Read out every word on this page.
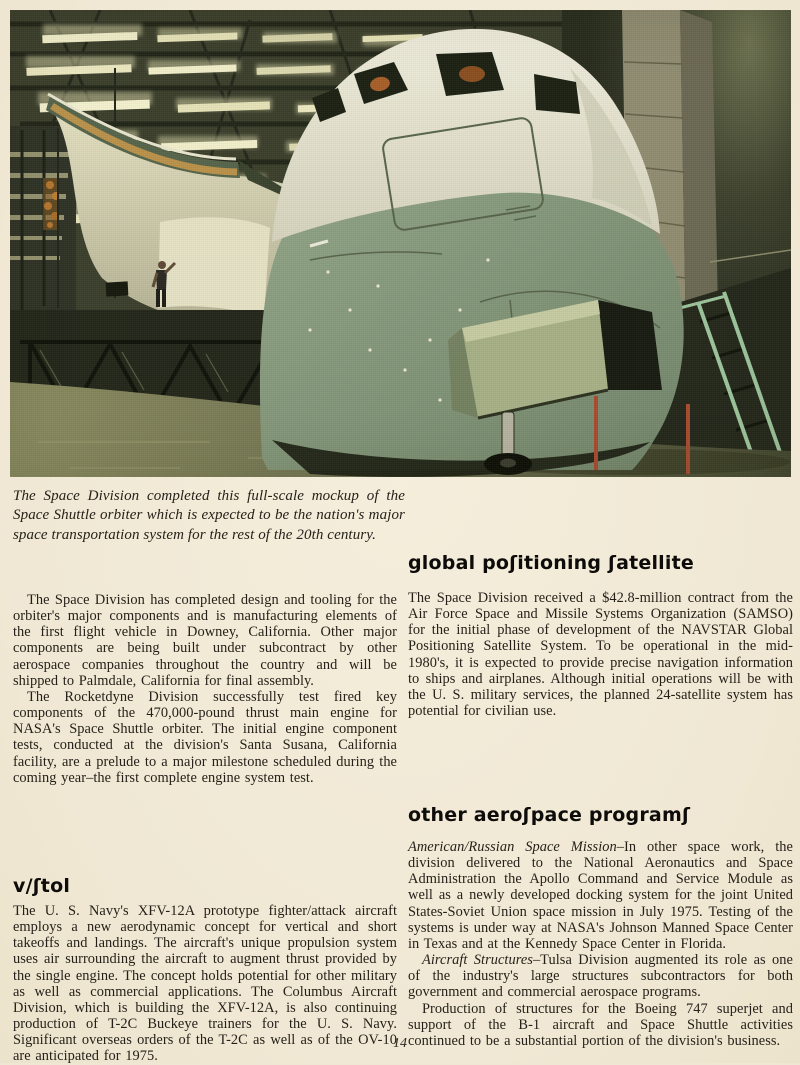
The Space Division completed this full-scale mockup of the Space Shuttle orbiter which is expected to be the nation's major space transportation system for the rest of the 20th century.

The Space Division has completed design and tooling for the orbiter's major components and is manufacturing elements of the first flight vehicle in Downey, California. Other major components are being built under subcontract by other aerospace companies throughout the country and will be shipped to Palmdale, California for final assembly.

The Rocketdyne Division successfully test fired key components of the 470,000-pound thrust main engine for NASA's Space Shuttle orbiter. The initial engine component tests, conducted at the division's Santa Susana, California facility, are a prelude to a major milestone scheduled during the coming year–the first complete engine system test.

v/ʃtol

The U. S. Navy's XFV-12A prototype fighter/attack aircraft employs a new aerodynamic concept for vertical and short takeoffs and landings. The aircraft's unique propulsion system uses air surrounding the aircraft to augment thrust provided by the single engine. The concept holds potential for other military as well as commercial applications. The Columbus Aircraft Division, which is building the XFV-12A, is also continuing production of T-2C Buckeye trainers for the U. S. Navy. Significant overseas orders of the T-2C as well as of the OV-10 are anticipated for 1975.

global poʃitioning ʃatellite

The Space Division received a $42.8-million contract from the Air Force Space and Missile Systems Organization (SAMSO) for the initial phase of development of the NAVSTAR Global Positioning Satellite System. To be operational in the mid-1980's, it is expected to provide precise navigation information to ships and airplanes. Although initial operations will be with the U. S. military services, the planned 24-satellite system has potential for civilian use.

other aeroʃpace programʃ

American/Russian Space Mission–In other space work, the division delivered to the National Aeronautics and Space Administration the Apollo Command and Service Module as well as a newly developed docking system for the joint United States-Soviet Union space mission in July 1975. Testing of the systems is under way at NASA's Johnson Manned Space Center in Texas and at the Kennedy Space Center in Florida.

Aircraft Structures–Tulsa Division augmented its role as one of the industry's large structures subcontractors for both government and commercial aerospace programs.

Production of structures for the Boeing 747 superjet and support of the B-1 aircraft and Space Shuttle activities continued to be a substantial portion of the division's business.

14
